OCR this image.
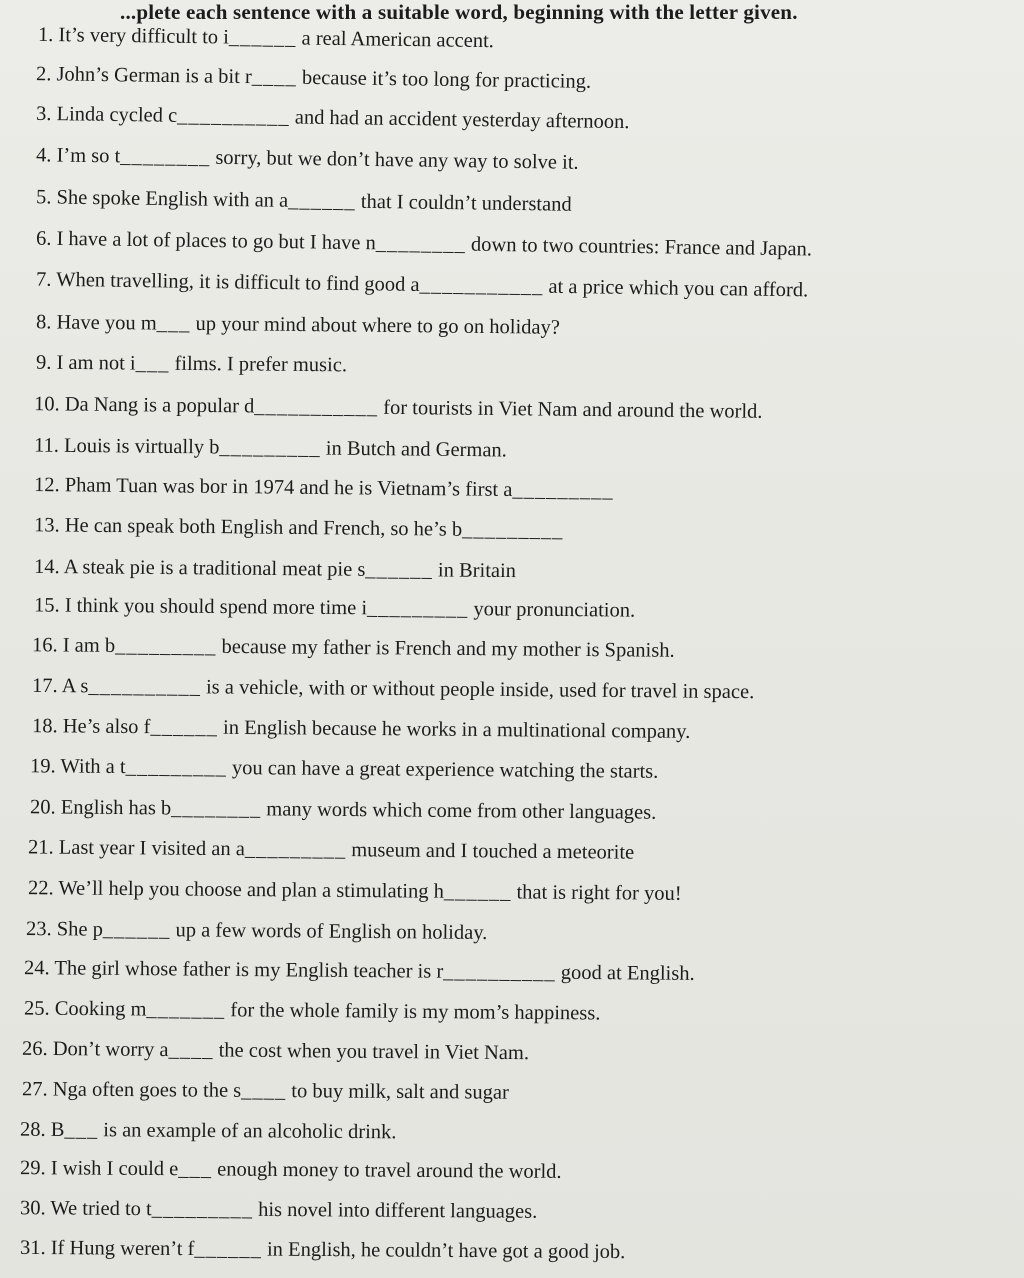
...plete each sentence with a suitable word, beginning with the letter given.
1. It’s very difficult to i______ a real American accent.
2. John’s German is a bit r____ because it’s too long for practicing.
3. Linda cycled c__________ and had an accident yesterday afternoon.
4. I’m so t________ sorry, but we don’t have any way to solve it.
5. She spoke English with an a______ that I couldn’t understand
6. I have a lot of places to go but I have n________ down to two countries: France and Japan.
7. When travelling, it is difficult to find good a___________ at a price which you can afford.
8. Have you m___ up your mind about where to go on holiday?
9. I am not i___ films. I prefer music.
10. Da Nang is a popular d___________ for tourists in Viet Nam and around the world.
11. Louis is virtually b_________ in Butch and German.
12. Pham Tuan was bor in 1974 and he is Vietnam’s first a_________
13. He can speak both English and French, so he’s b_________
14. A steak pie is a traditional meat pie s______ in Britain
15. I think you should spend more time i_________ your pronunciation.
16. I am b_________ because my father is French and my mother is Spanish.
17. A s__________ is a vehicle, with or without people inside, used for travel in space.
18. He’s also f______ in English because he works in a multinational company.
19. With a t_________ you can have a great experience watching the starts.
20. English has b________ many words which come from other languages.
21. Last year I visited an a_________ museum and I touched a meteorite
22. We’ll help you choose and plan a stimulating h______ that is right for you!
23. She p______ up a few words of English on holiday.
24. The girl whose father is my English teacher is r__________ good at English.
25. Cooking m_______ for the whole family is my mom’s happiness.
26. Don’t worry a____ the cost when you travel in Viet Nam.
27. Nga often goes to the s____ to buy milk, salt and sugar
28. B___ is an example of an alcoholic drink.
29. I wish I could e___ enough money to travel around the world.
30. We tried to t_________ his novel into different languages.
31. If Hung weren’t f______ in English, he couldn’t have got a good job.
